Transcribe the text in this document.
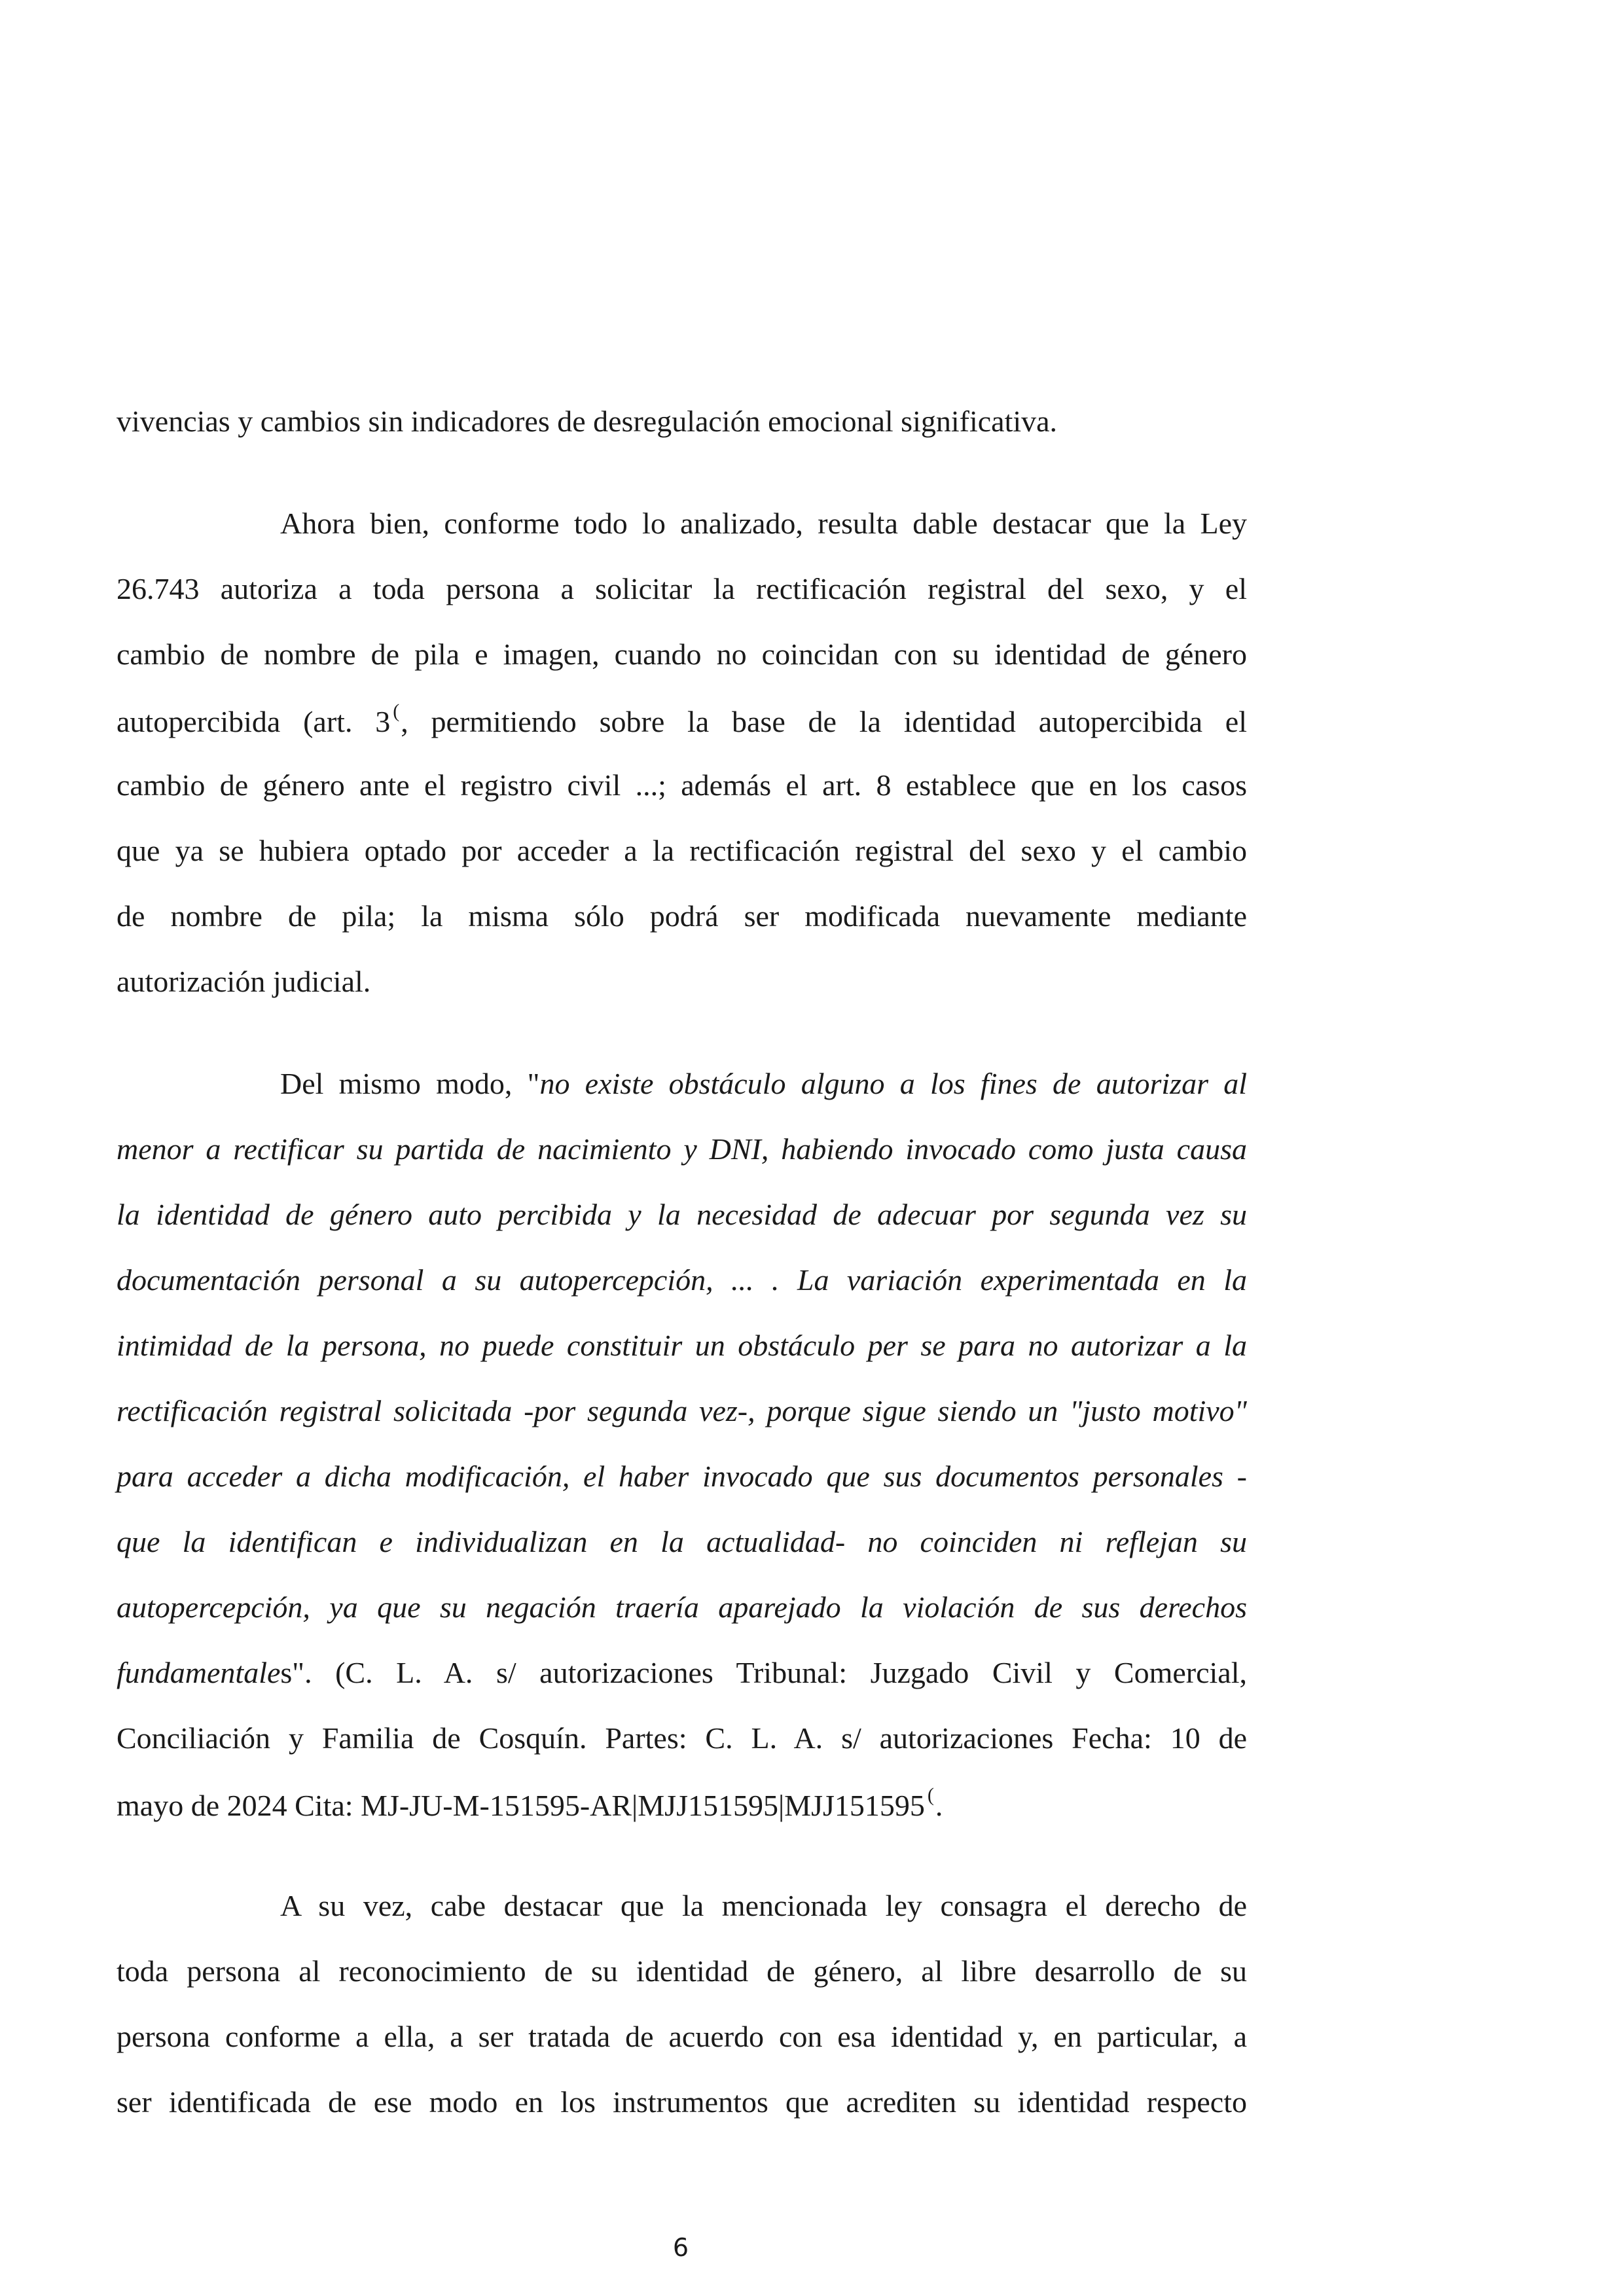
vivencias y cambios sin indicadores de desregulación emocional significativa.
Ahora bien, conforme todo lo analizado, resulta dable destacar que la Ley
26.743 autoriza a toda persona a solicitar la rectificación registral del sexo, y el
cambio de nombre de pila e imagen, cuando no coincidan con su identidad de género
autopercibida (art. 3 (, permitiendo sobre la base de la identidad autopercibida el
cambio de género ante el registro civil ...; además el art. 8 establece que en los casos
que ya se hubiera optado por acceder a la rectificación registral del sexo y el cambio
de nombre de pila; la misma sólo podrá ser modificada nuevamente mediante
autorización judicial.
Del mismo modo, "no existe obstáculo alguno a los fines de autorizar al
menor a rectificar su partida de nacimiento y DNI, habiendo invocado como justa causa
la identidad de género auto percibida y la necesidad de adecuar por segunda vez su
documentación personal a su autopercepción, ... . La variación experimentada en la
intimidad de la persona, no puede constituir un obstáculo per se para no autorizar a la
rectificación registral solicitada -por segunda vez-, porque sigue siendo un "justo motivo"
para acceder a dicha modificación, el haber invocado que sus documentos personales -
que la identifican e individualizan en la actualidad- no coinciden ni reflejan su
autopercepción, ya que su negación traería aparejado la violación de sus derechos
fundamentales". (C. L. A. s/ autorizaciones Tribunal: Juzgado Civil y Comercial,
Conciliación y Familia de Cosquín. Partes: C. L. A. s/ autorizaciones Fecha: 10 de
mayo de 2024 Cita: MJ-JU-M-151595-AR|MJJ151595|MJJ151595 (.
A su vez, cabe destacar que la mencionada ley consagra el derecho de
toda persona al reconocimiento de su identidad de género, al libre desarrollo de su
persona conforme a ella, a ser tratada de acuerdo con esa identidad y, en particular, a
ser identificada de ese modo en los instrumentos que acrediten su identidad respecto
6
